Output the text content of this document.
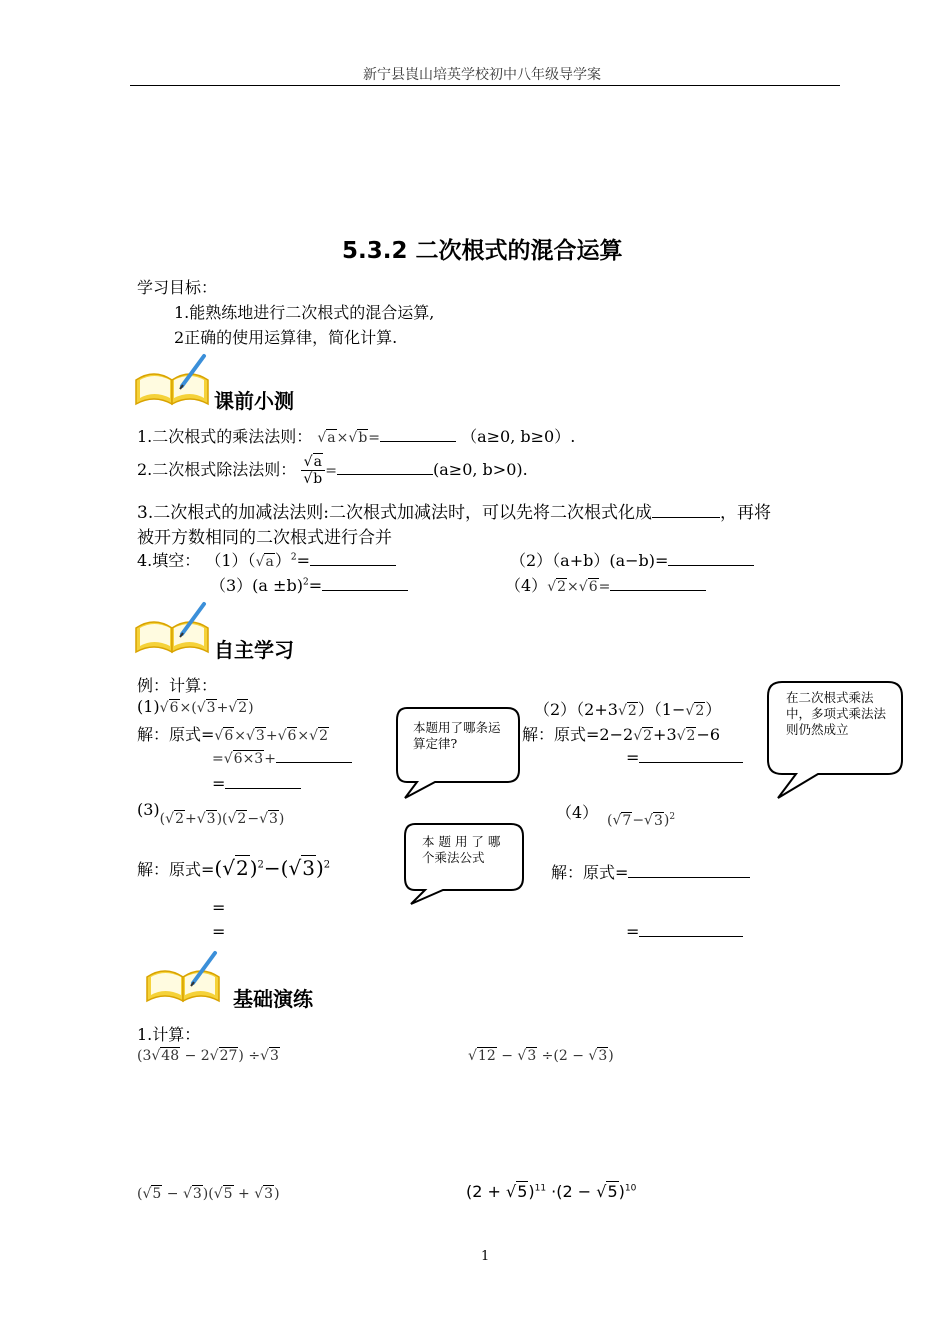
新宁县崀山培英学校初中八年级导学案
5.3.2 二次根式的混合运算
学习目标：
1.能熟练地进行二次根式的混合运算,
2正确的使用运算律，简化计算.
课前小测
1.二次根式的乘法法则： √a×√b=	（a≥0, b≥0）.
2.二次根式除法法则： $\frac{√a}{√b}$ =	(a≥0, b>0).
3.二次根式的加减法法则:二次根式加减法时，可以先将二次根式化成	，再将
被开方数相同的二次根式进行合并
4.填空： $(1)(√a)^2=$	（2）（a+b）(a−b)=
$(3)(a \pm b)^2=$	（4）√2×√6=
自主学习
例：计算：
(1)√6×(√3+√2)
解：原式=√6×√3+√6×√2
=√6×3+
=
本题用了哪条运算定律?
（2）（2+3√2）（1−√2）
解：原式=2−2√2+3√2−6
=
在二次根式乘法中，多项式乘法法则仍然成立
(3)(√2+√3)(√2−√3)
解：原式$=(√2)^2-(√3)^2$
=
=
本 题 用 了 哪 个乘法公式
（4） $(√7-√3)^2$
解：原式=
=
基础演练
1.计算：
(3√48 − 2√27) ÷√3	√12 − √3 ÷(2 − √3)
(√5 − √3)(√5 + √3)	$(2 + √5)^{11} \cdot(2 - √5)^{10}$
1
